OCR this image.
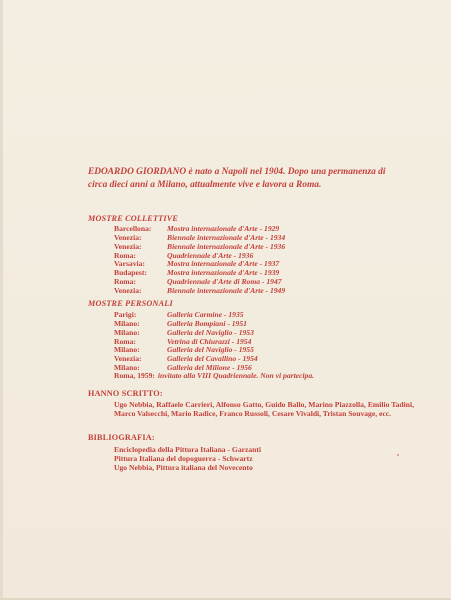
EDOARDO GIORDANO è nato a Napoli nel 1904. Dopo una permanenza di circa dieci anni a Milano, attualmente vive e lavora a Roma.
MOSTRE COLLETTIVE
Barcellona:	Mostra internazionale d'Arte - 1929
Venezia:	Biennale internazionale d'Arte - 1934
Venezia:	Biennale internazionale d'Arte - 1936
Roma:	Quadriennale d'Arte - 1936
Varsavia:	Mostra internazionale d'Arte - 1937
Budapest:	Mostra internazionale d'Arte - 1939
Roma:	Quadriennale d'Arte di Roma - 1947
Venezia:	Biennale internazionale d'Arte - 1949
MOSTRE PERSONALI
Parigi:	Galleria Carmine - 1935
Milano:	Galleria Bompiani - 1951
Milano:	Galleria del Naviglio - 1953
Roma:	Vetrina di Chiurazzi - 1954
Milano:	Galleria del Naviglio - 1955
Venezia:	Galleria del Cavallino - 1954
Milano:	Galleria del Milione - 1956
Roma, 1959: invitato alla VIII Quadriennale. Non vi partecipa.
HANNO SCRITTO:
Ugo Nebbia, Raffaele Carrieri, Alfonso Gatto, Guido Ballo, Marino Piazzolla, Emilio Tadini, Marco Valsecchi, Mario Radice, Franco Russoli, Cesare Vivaldi, Tristan Souvage, ecc.
BIBLIOGRAFIA:
Enciclopedia della Pittura Italiana - Garzanti
Pittura Italiana del dopoguerra - Schwartz
Ugo Nebbia, Pittura italiana del Novecento
